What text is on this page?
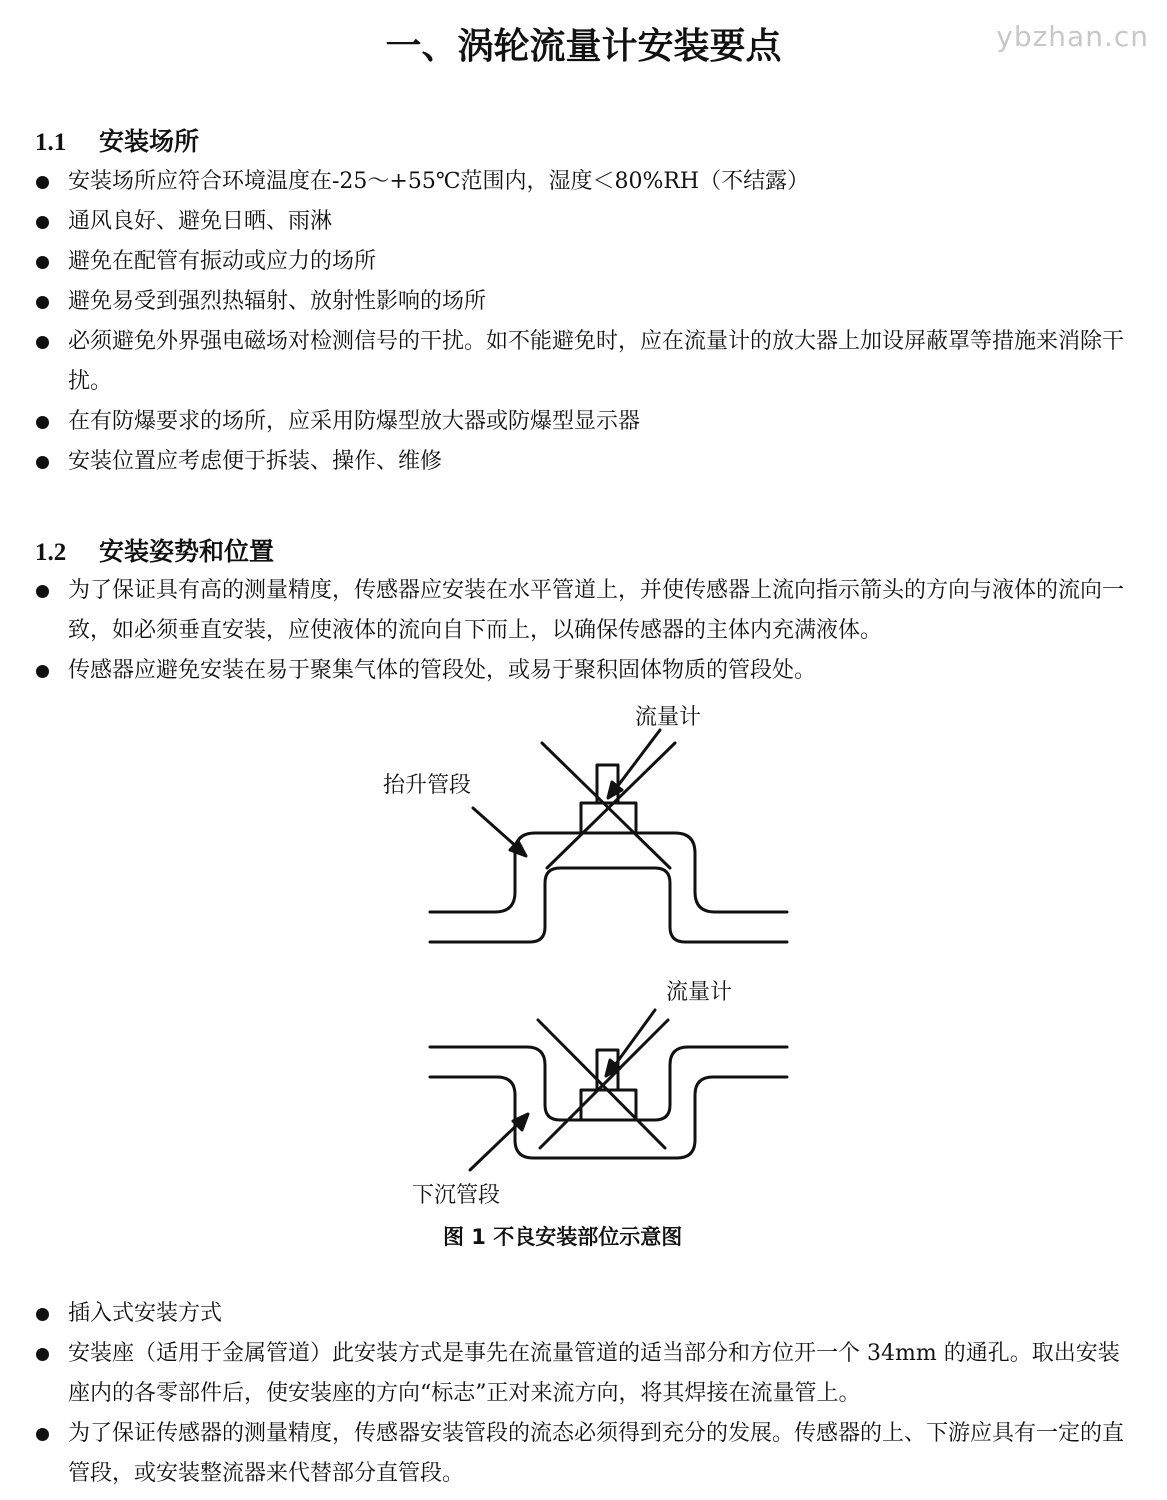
ybzhan.cn
一、涡轮流量计安装要点
1.1 安装场所
安装场所应符合环境温度在-25～+55℃范围内，湿度＜80%RH（不结露）
通风良好、避免日晒、雨淋
避免在配管有振动或应力的场所
避免易受到强烈热辐射、放射性影响的场所
必须避免外界强电磁场对检测信号的干扰。如不能避免时，应在流量计的放大器上加设屏蔽罩等措施来消除干扰。
在有防爆要求的场所，应采用防爆型放大器或防爆型显示器
安装位置应考虑便于拆装、操作、维修
1.2 安装姿势和位置
为了保证具有高的测量精度，传感器应安装在水平管道上，并使传感器上流向指示箭头的方向与液体的流向一致，如必须垂直安装，应使液体的流向自下而上，以确保传感器的主体内充满液体。
传感器应避免安装在易于聚集气体的管段处，或易于聚积固体物质的管段处。
流量计
抬升管段
流量计
下沉管段
图 1 不良安装部位示意图
插入式安装方式
安装座（适用于金属管道）此安装方式是事先在流量管道的适当部分和方位开一个 34mm 的通孔。取出安装座内的各零部件后，使安装座的方向“标志”正对来流方向，将其焊接在流量管上。
为了保证传感器的测量精度，传感器安装管段的流态必须得到充分的发展。传感器的上、下游应具有一定的直管段，或安装整流器来代替部分直管段。
